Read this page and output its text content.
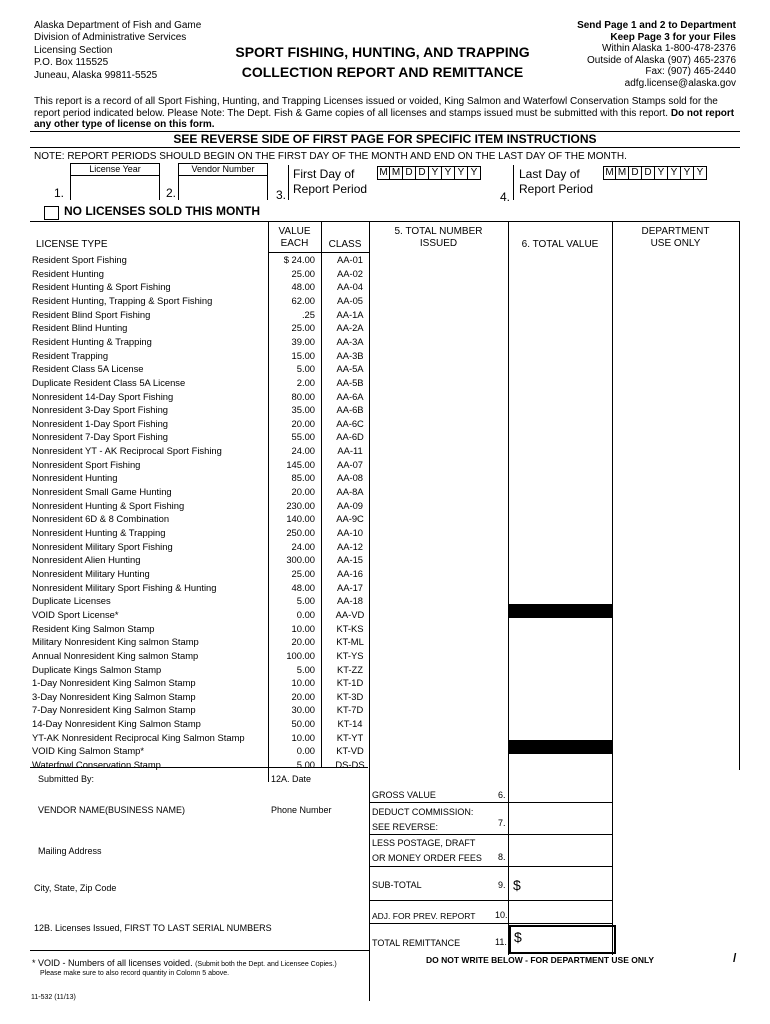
Alaska Department of Fish and Game
Division of Administrative Services
Licensing Section
P.O. Box 115525
Juneau, Alaska 99811-5525
SPORT FISHING, HUNTING, AND TRAPPING
COLLECTION REPORT AND REMITTANCE
Send Page 1 and 2 to Department
Keep Page 3 for your Files
Within Alaska 1-800-478-2376
Outside of Alaska (907) 465-2376
Fax: (907) 465-2440
adfg.license@alaska.gov
This report is a record of all Sport Fishing, Hunting, and Trapping Licenses issued or voided, King Salmon and Waterfowl Conservation Stamps sold for the report period indicated below. Please Note: The Dept. Fish & Game copies of all licenses and stamps issued must be submitted with this report. Do not report any other type of license on this form.
SEE REVERSE SIDE OF FIRST PAGE FOR SPECIFIC ITEM INSTRUCTIONS
NOTE: REPORT PERIODS SHOULD BEGIN ON THE FIRST DAY OF THE MONTH AND END ON THE LAST DAY OF THE MONTH.
License Year
1.
Vendor Number
2.	3.
First Day of
Report Period
M M D D Y Y Y Y
4.
Last Day of
Report Period
M M D D Y Y Y Y
NO LICENSES SOLD THIS MONTH
LICENSE TYPE
VALUE
EACH	CLASS
5. TOTAL NUMBER
ISSUED	6. TOTAL VALUE
DEPARTMENT
USE ONLY
Resident Sport Fishing	$ 24.00	AA-01
Resident Hunting	25.00	AA-02
Resident Hunting & Sport Fishing	48.00	AA-04
Resident Hunting, Trapping & Sport Fishing	62.00	AA-05
Resident Blind Sport Fishing	.25	AA-1A
Resident Blind Hunting	25.00	AA-2A
Resident Hunting & Trapping	39.00	AA-3A
Resident Trapping	15.00	AA-3B
Resident Class 5A License	5.00	AA-5A
Duplicate Resident Class 5A License	2.00	AA-5B
Nonresident 14-Day Sport Fishing	80.00	AA-6A
Nonresident 3-Day Sport Fishing	35.00	AA-6B
Nonresident 1-Day Sport Fishing	20.00	AA-6C
Nonresident 7-Day Sport Fishing	55.00	AA-6D
Nonresident YT - AK Reciprocal Sport Fishing	24.00	AA-11
Nonresident Sport Fishing	145.00	AA-07
Nonresident Hunting	85.00	AA-08
Nonresident Small Game Hunting	20.00	AA-8A
Nonresident Hunting & Sport Fishing	230.00	AA-09
Nonresident 6D & 8 Combination	140.00	AA-9C
Nonresident Hunting & Trapping	250.00	AA-10
Nonresident Military Sport Fishing	24.00	AA-12
Nonresident Alien Hunting	300.00	AA-15
Nonresident Military Hunting	25.00	AA-16
Nonresident Military Sport Fishing & Hunting	48.00	AA-17
Duplicate Licenses	5.00	AA-18
VOID Sport License*	0.00	AA-VD
Resident King Salmon Stamp	10.00	KT-KS
Military Nonresident King salmon Stamp	20.00	KT-ML
Annual Nonresident King salmon Stamp	100.00	KT-YS
Duplicate Kings Salmon Stamp	5.00	KT-ZZ
1-Day Nonresident King Salmon Stamp	10.00	KT-1D
3-Day Nonresident King Salmon Stamp	20.00	KT-3D
7-Day Nonresident King Salmon Stamp	30.00	KT-7D
14-Day Nonresident King Salmon Stamp	50.00	KT-14
YT-AK Nonresident Reciprocal King Salmon Stamp	10.00	KT-YT
VOID King Salmon Stamp*	0.00	KT-VD
Waterfowl Conservation Stamp	5.00	DS-DS
Submitted By:	12A. Date
VENDOR NAME(BUSINESS NAME)	Phone Number
Mailing Address
City, State, Zip Code
12B. Licenses Issued, FIRST TO LAST SERIAL NUMBERS
* VOID - Numbers of all licenses voided. (Submit both the Dept. and Licensee Copies.)
Please make sure to also record quantity in Colomn 5 above.
11-532 (11/13)
GROSS VALUE	6.
DEDUCT COMMISSION:
SEE REVERSE:	7.
LESS POSTAGE, DRAFT
OR MONEY ORDER FEES 8.
SUB-TOTAL	9. $
ADJ. FOR PREV. REPORT 10.
TOTAL REMITTANCE	11. $
DO NOT WRITE BELOW - FOR DEPARTMENT USE ONLY	/
